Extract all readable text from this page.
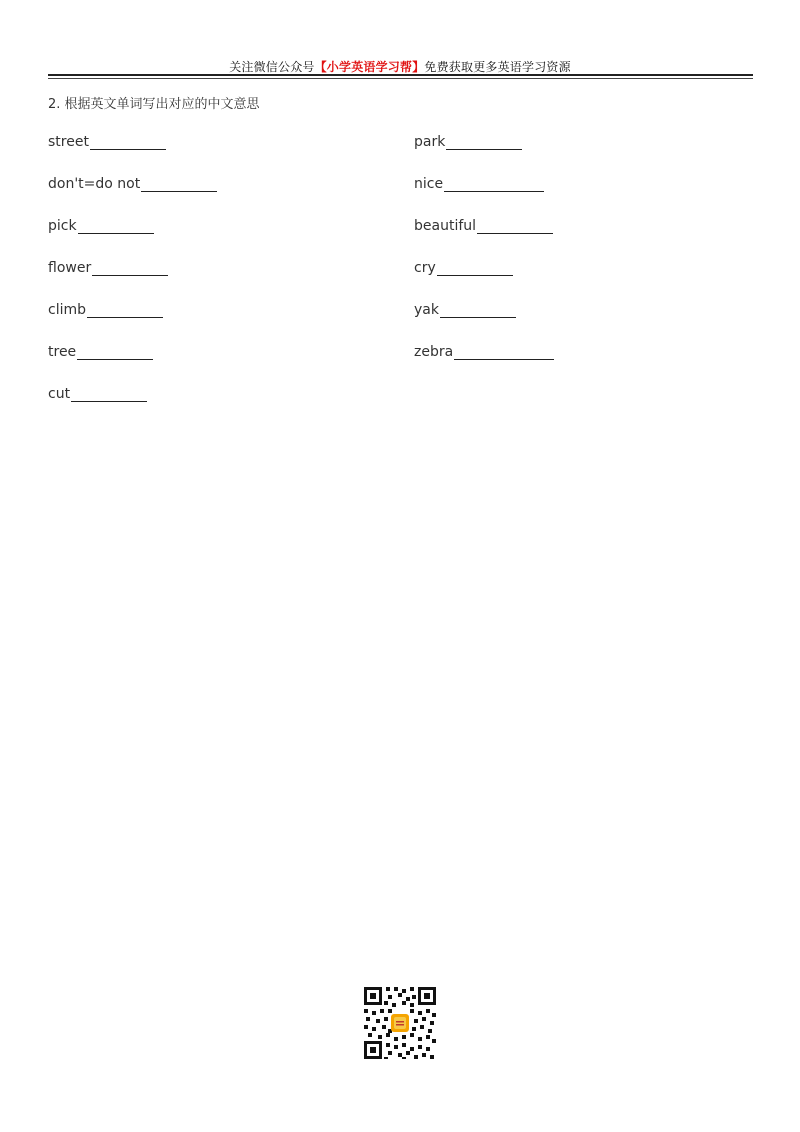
关注微信公众号【小学英语学习帮】免费获取更多英语学习资源
2. 根据英文单词写出对应的中文意思
street
don't=do not
pick
flower
climb
tree
cut
park
nice
beautiful
cry
yak
zebra
